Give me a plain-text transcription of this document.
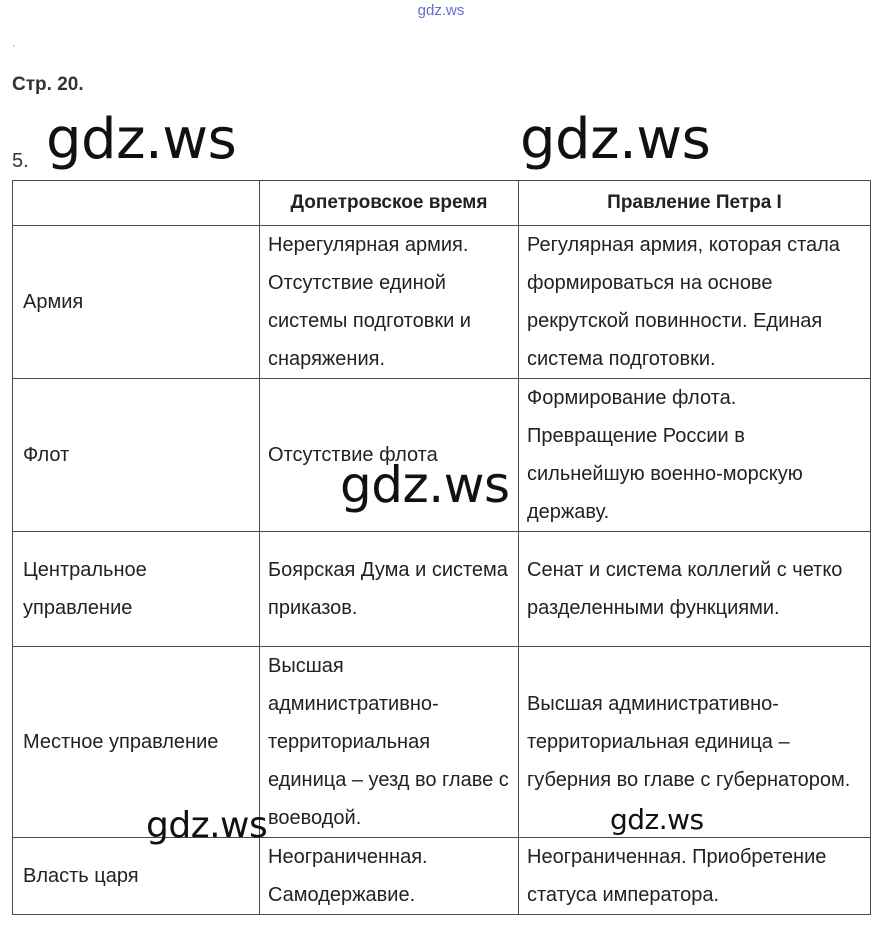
gdz.ws
ˋ
Стр. 20.
5.
	Допетровское время	Правление Петра I
Армия	Нерегулярная армия. Отсутствие единой системы подготовки и снаряжения.	Регулярная армия, которая стала формироваться на основе рекрутской повинности. Единая система подготовки.
Флот	Отсутствие флота	Формирование флота. Превращение России в сильнейшую военно-морскую державу.
Центральное управление	Боярская Дума и система приказов.	Сенат и система коллегий с четко разделенными функциями.
Местное управление	Высшая административно-территориальная единица – уезд во главе с воеводой.	Высшая административно-территориальная единица – губерния во главе с губернатором.
Власть царя	Неограниченная. Самодержавие.	Неограниченная. Приобретение статуса императора.
gdz.ws	gdz.ws
gdz.ws
gdz.ws	gdz.ws
